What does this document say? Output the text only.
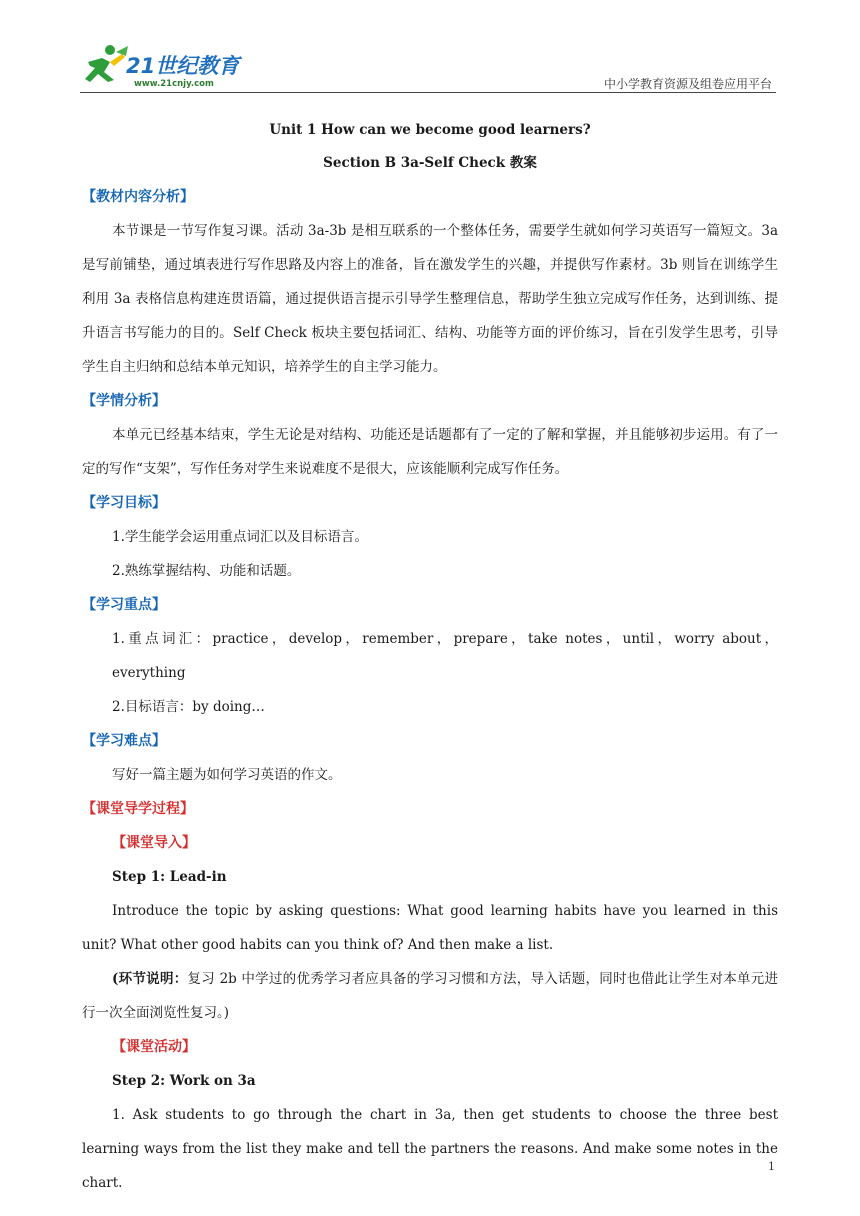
21世纪教育
www.21cnjy.com	中小学教育资源及组卷应用平台
Unit 1 How can we become good learners?
Section B 3a-Self Check 教案
【教材内容分析】

本节课是一节写作复习课。活动 3a-3b 是相互联系的一个整体任务，需要学生就如何学习英语写一篇短文。3a 是写前铺垫，通过填表进行写作思路及内容上的准备，旨在激发学生的兴趣，并提供写作素材。3b 则旨在训练学生利用 3a 表格信息构建连贯语篇，通过提供语言提示引导学生整理信息，帮助学生独立完成写作任务，达到训练、提升语言书写能力的目的。Self Check 板块主要包括词汇、结构、功能等方面的评价练习，旨在引发学生思考，引导学生自主归纳和总结本单元知识，培养学生的自主学习能力。

【学情分析】

本单元已经基本结束，学生无论是对结构、功能还是话题都有了一定的了解和掌握，并且能够初步运用。有了一定的写作“支架”，写作任务对学生来说难度不是很大，应该能顺利完成写作任务。

【学习目标】

1.学生能学会运用重点词汇以及目标语言。

2.熟练掌握结构、功能和话题。

【学习重点】

1.重点词汇：practice，develop，remember，prepare，take notes，until，worry about，everything

2.目标语言：by doing…

【学习难点】

写好一篇主题为如何学习英语的作文。

【课堂导学过程】
【课堂导入】

Step 1: Lead-in

Introduce the topic by asking questions: What good learning habits have you learned in this unit? What other good habits can you think of? And then make a list.

(环节说明：复习 2b 中学过的优秀学习者应具备的学习习惯和方法，导入话题，同时也借此让学生对本单元进行一次全面浏览性复习。)

【课堂活动】

Step 2: Work on 3a

1. Ask students to go through the chart in 3a, then get students to choose the three best learning ways from the list they make and tell the partners the reasons. And make some notes in the chart.

1
